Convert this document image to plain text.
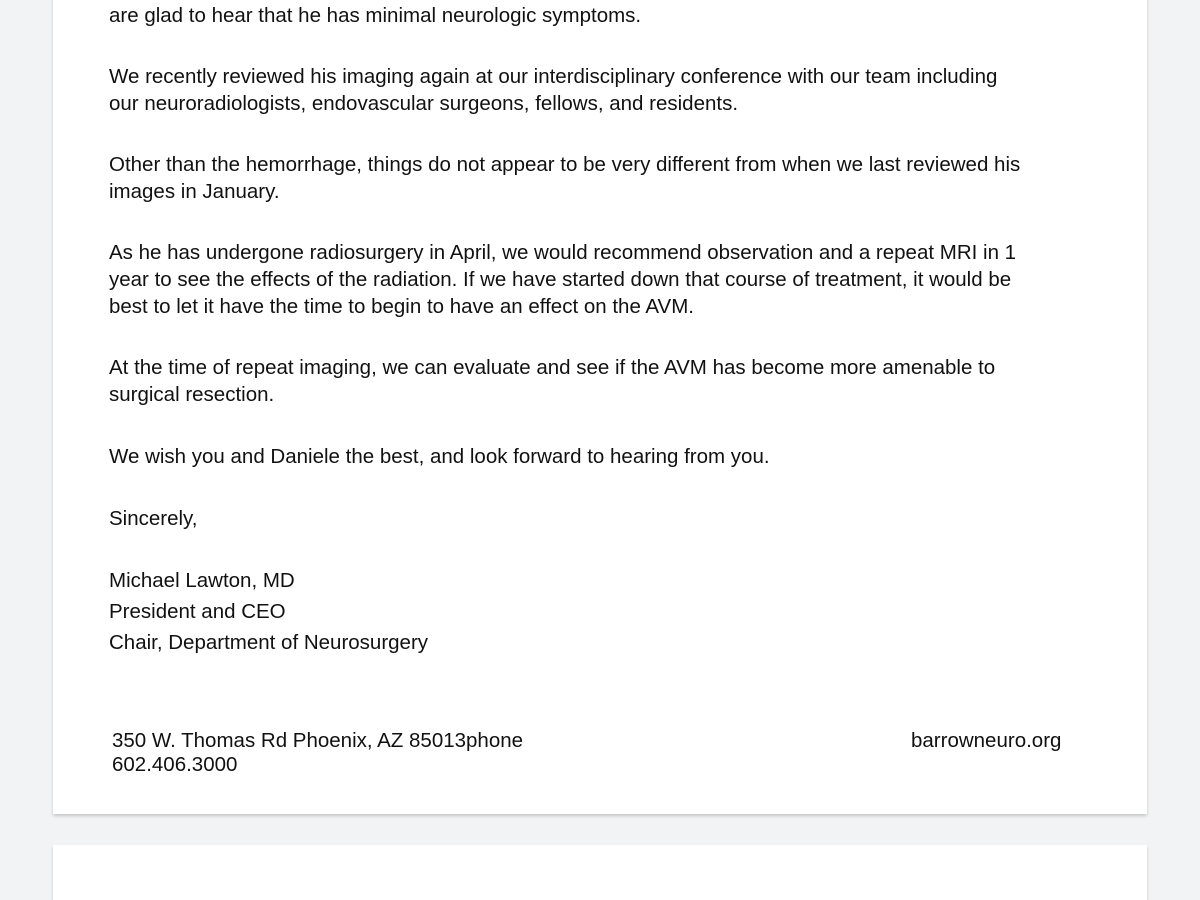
are glad to hear that he has minimal neurologic symptoms.
We recently reviewed his imaging again at our interdisciplinary conference with our team including
our neuroradiologists, endovascular surgeons, fellows, and residents.
Other than the hemorrhage, things do not appear to be very different from when we last reviewed his
images in January.
As he has undergone radiosurgery in April, we would recommend observation and a repeat MRI in 1
year to see the effects of the radiation. If we have started down that course of treatment, it would be
best to let it have the time to begin to have an effect on the AVM.
At the time of repeat imaging, we can evaluate and see if the AVM has become more amenable to
surgical resection.
We wish you and Daniele the best, and look forward to hearing from you.
Sincerely,
Michael Lawton, MD
President and CEO
Chair, Department of Neurosurgery
350 W. Thomas Rd Phoenix, AZ 85013phone
602.406.3000
barrowneuro.org
